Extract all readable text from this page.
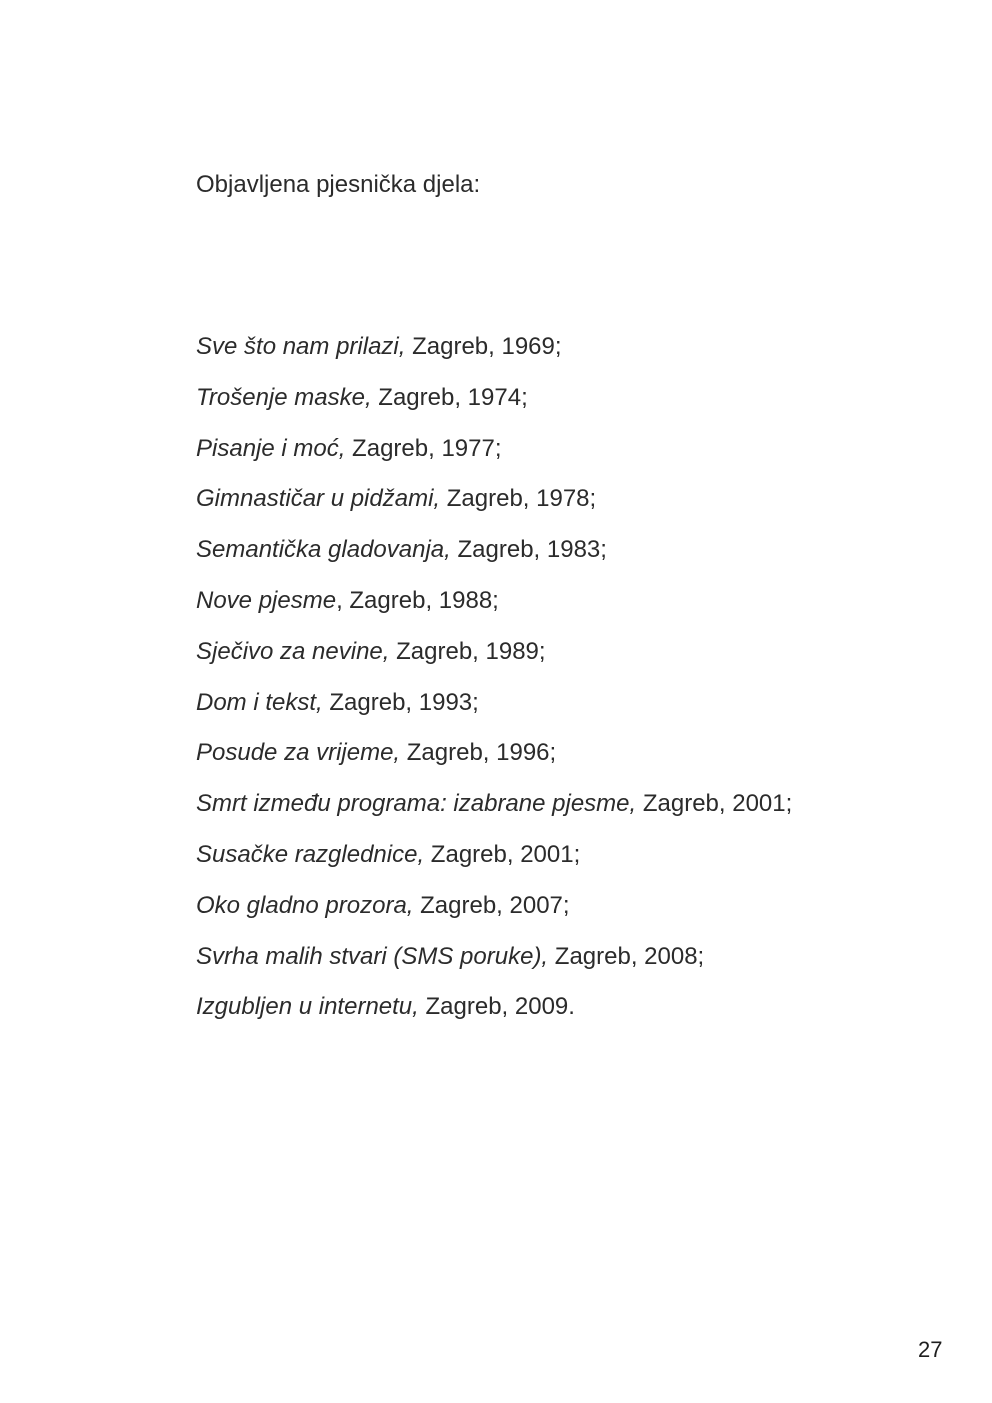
Objavljena pjesnička djela:
Sve što nam prilazi, Zagreb, 1969;
Trošenje maske, Zagreb, 1974;
Pisanje i moć, Zagreb, 1977;
Gimnastičar u pidžami, Zagreb, 1978;
Semantička gladovanja, Zagreb, 1983;
Nove pjesme, Zagreb, 1988;
Sječivo za nevine, Zagreb, 1989;
Dom i tekst, Zagreb, 1993;
Posude za vrijeme, Zagreb, 1996;
Smrt između programa: izabrane pjesme, Zagreb, 2001;
Susačke razglednice, Zagreb, 2001;
Oko gladno prozora, Zagreb, 2007;
Svrha malih stvari (SMS poruke), Zagreb, 2008;
Izgubljen u internetu, Zagreb, 2009.
27
